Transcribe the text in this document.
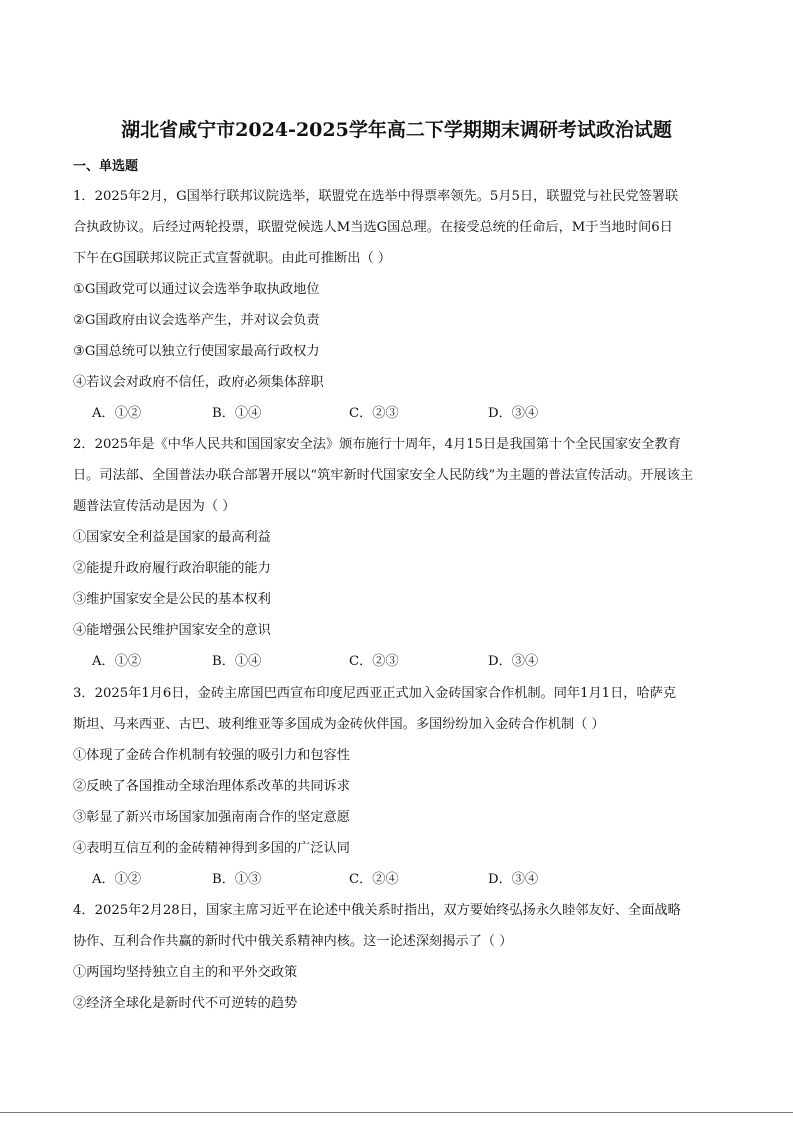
湖北省咸宁市2024-2025学年高二下学期期末调研考试政治试题
一、单选题
1．2025年2月，G国举行联邦议院选举，联盟党在选举中得票率领先。5月5日，联盟党与社民党签署联
合执政协议。后经过两轮投票，联盟党候选人M当选G国总理。在接受总统的任命后，M于当地时间6日
下午在G国联邦议院正式宣誓就职。由此可推断出（ ）
①G国政党可以通过议会选举争取执政地位
②G国政府由议会选举产生，并对议会负责
③G国总统可以独立行使国家最高行政权力
④若议会对政府不信任，政府必须集体辞职
A．①②	B．①④	C．②③	D．③④
2．2025年是《中华人民共和国国家安全法》颁布施行十周年，4月15日是我国第十个全民国家安全教育
日。司法部、全国普法办联合部署开展以“筑牢新时代国家安全人民防线”为主题的普法宣传活动。开展该主
题普法宣传活动是因为（ ）
①国家安全利益是国家的最高利益
②能提升政府履行政治职能的能力
③维护国家安全是公民的基本权利
④能增强公民维护国家安全的意识
A．①②	B．①④	C．②③	D．③④
3．2025年1月6日，金砖主席国巴西宣布印度尼西亚正式加入金砖国家合作机制。同年1月1日，哈萨克
斯坦、马来西亚、古巴、玻利维亚等多国成为金砖伙伴国。多国纷纷加入金砖合作机制（ ）
①体现了金砖合作机制有较强的吸引力和包容性
②反映了各国推动全球治理体系改革的共同诉求
③彰显了新兴市场国家加强南南合作的坚定意愿
④表明互信互利的金砖精神得到多国的广泛认同
A．①②	B．①③	C．②④	D．③④
4．2025年2月28日，国家主席习近平在论述中俄关系时指出，双方要始终弘扬永久睦邻友好、全面战略
协作、互利合作共赢的新时代中俄关系精神内核。这一论述深刻揭示了（ ）
①两国均坚持独立自主的和平外交政策
②经济全球化是新时代不可逆转的趋势
